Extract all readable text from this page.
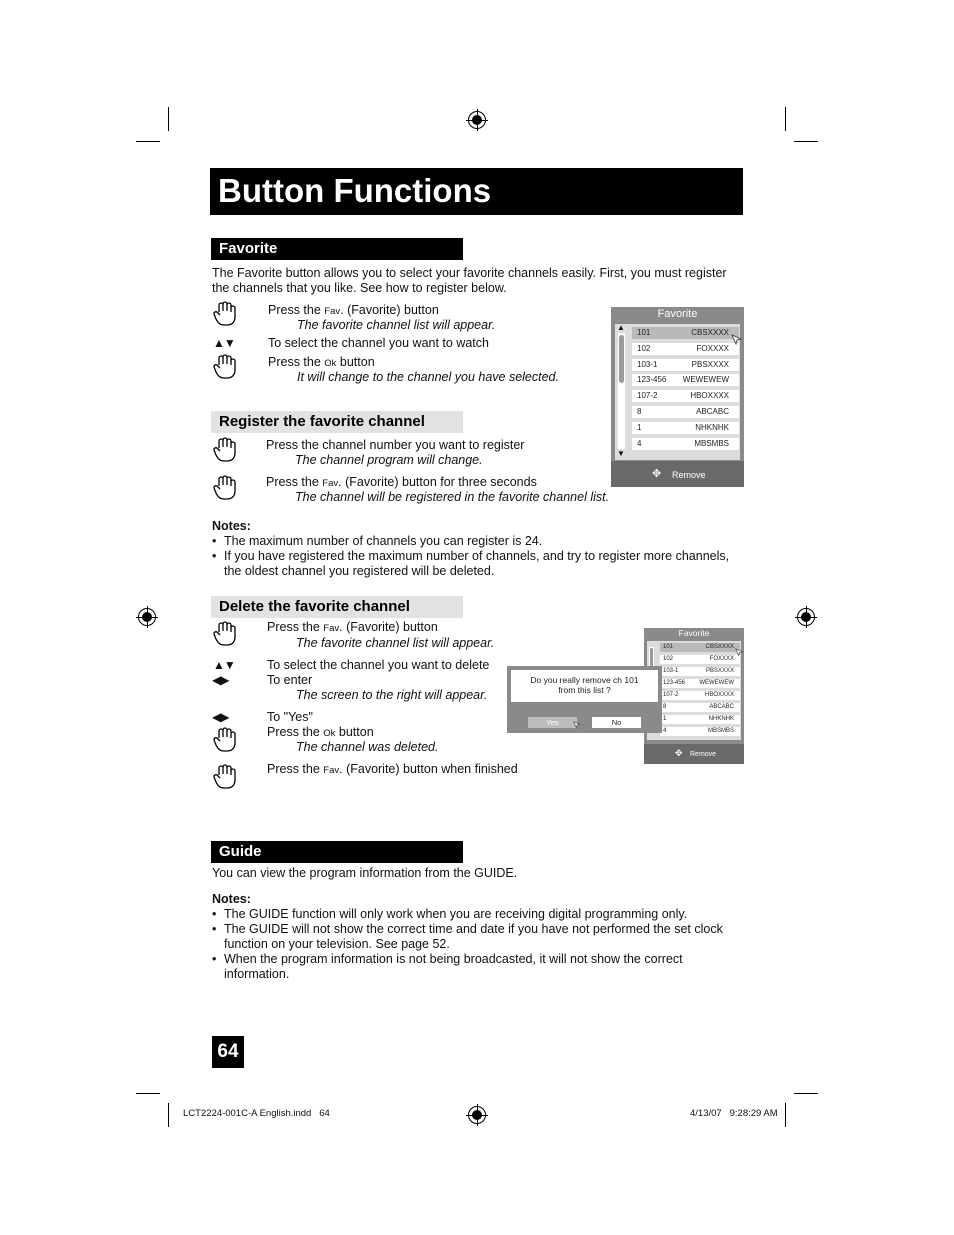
Button Functions
Favorite
The Favorite button allows you to select your favorite channels easily. First, you must register the channels that you like. See how to register below.
Press the Fav. (Favorite) button
The favorite channel list will appear.
▲▼	To select the channel you want to watch
Press the Ok button
It will change to the channel you have selected.
Favorite
▲
▼
101	CBSXXXX
102	FOXXXX
103-1	PBSXXXX
123-456 WEWEWEW
107-2	HBOXXXX
8	ABCABC
1	NHKNHK
4	MBSMBS
✥ Remove
Register the favorite channel
Press the channel number you want to register
The channel program will change.
Press the Fav. (Favorite) button for three seconds
The channel will be registered in the favorite channel list.
Notes:
• The maximum number of channels you can register is 24.
• If you have registered the maximum number of channels, and try to register more channels, the oldest channel you registered will be deleted.
Delete the favorite channel
Press the Fav. (Favorite) button
The favorite channel list will appear.
▲▼	To select the channel you want to delete
◀▶	To enter
The screen to the right will appear.
◀▶	To "Yes"
Press the Ok button
The channel was deleted.
Press the Fav. (Favorite) button when finished
Favorite
101	CBSXXXX
102	FOXXXX
103-1	PBSXXXX
123-456 WEWEWEW
107-2	HBOXXXX
8	ABCABC
1	NHKNHK
4	MBSMBS
✥ Remove
Do you really remove ch 101
from this list ?
Yes	No
Guide
You can view the program information from the GUIDE.
Notes:
• The GUIDE function will only work when you are receiving digital programming only.
• The GUIDE will not show the correct time and date if you have not performed the set clock function on your television. See page 52.
• When the program information is not being broadcasted, it will not show the correct information.
64
LCT2224-001C-A English.indd   64	4/13/07   9:28:29 AM
